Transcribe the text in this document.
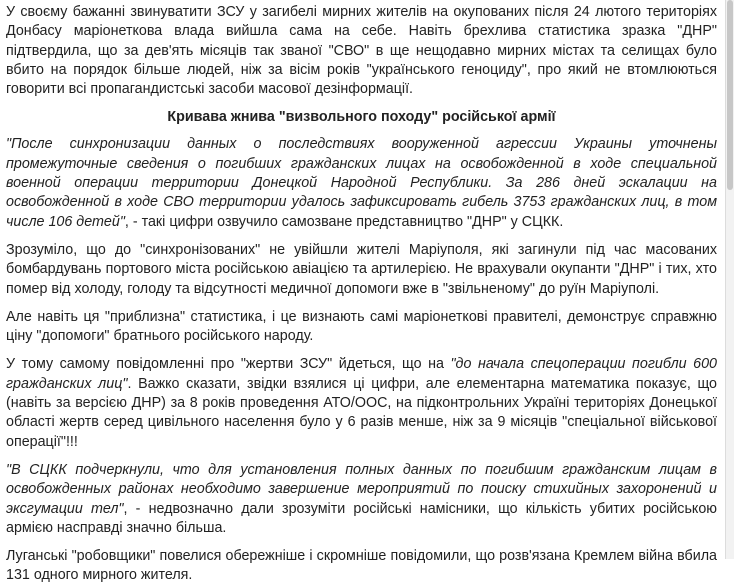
У своєму бажанні звинуватити ЗСУ у загибелі мирних жителів на окупованих після 24 лютого територіях Донбасу маріонеткова влада вийшла сама на себе. Навіть брехлива статистика зразка "ДНР" підтвердила, що за дев'ять місяців так званої "СВО" в ще нещодавно мирних містах та селищах було вбито на порядок більше людей, ніж за вісім років "українського геноциду", про який не втомлюються говорити всі пропагандистські засоби масової дезінформації.

Кривава жнива "визвольного походу" російської армії

"После синхронизации данных о последствиях вооруженной агрессии Украины уточнены промежуточные сведения о погибших гражданских лицах на освобожденной в ходе специальной военной операции территории Донецкой Народной Республики. За 286 дней эскалации на освобожденной в ходе СВО территории удалось зафиксировать гибель 3753 гражданских лиц, в том числе 106 детей", - такі цифри озвучило самозване представництво "ДНР" у СЦКК.

Зрозуміло, що до "синхронізованих" не увійшли жителі Маріуполя, які загинули під час масованих бомбардувань портового міста російською авіацією та артилерією. Не врахували окупанти "ДНР" і тих, хто помер від холоду, голоду та відсутності медичної допомоги вже в "звільненому" до руїн Маріуполі.

Але навіть ця "приблизна" статистика, і це визнають самі маріонеткові правителі, демонструє справжню ціну "допомоги" братнього російського народу.

У тому самому повідомленні про "жертви ЗСУ" йдеться, що на "до начала спецоперации погибли 600 гражданских лиц". Важко сказати, звідки взялися ці цифри, але елементарна математика показує, що (навіть за версією ДНР) за 8 років проведення АТО/ООС, на підконтрольних Україні територіях Донецької області жертв серед цивільного населення було у 6 разів менше, ніж за 9 місяців "спеціальної військової операції"!!!

"В СЦКК подчеркнули, что для установления полных данных по погибшим гражданским лицам в освобожденных районах необходимо завершение мероприятий по поиску стихийных захоронений и эксгумации тел", - недвозначно дали зрозуміти російські намісники, що кількість убитих російською армією насправді значно більша.

Луганські "робовщики" повелися обережніше і скромніше повідомили, що розв'язана Кремлем війна вбила 131 одного мирного жителя.
